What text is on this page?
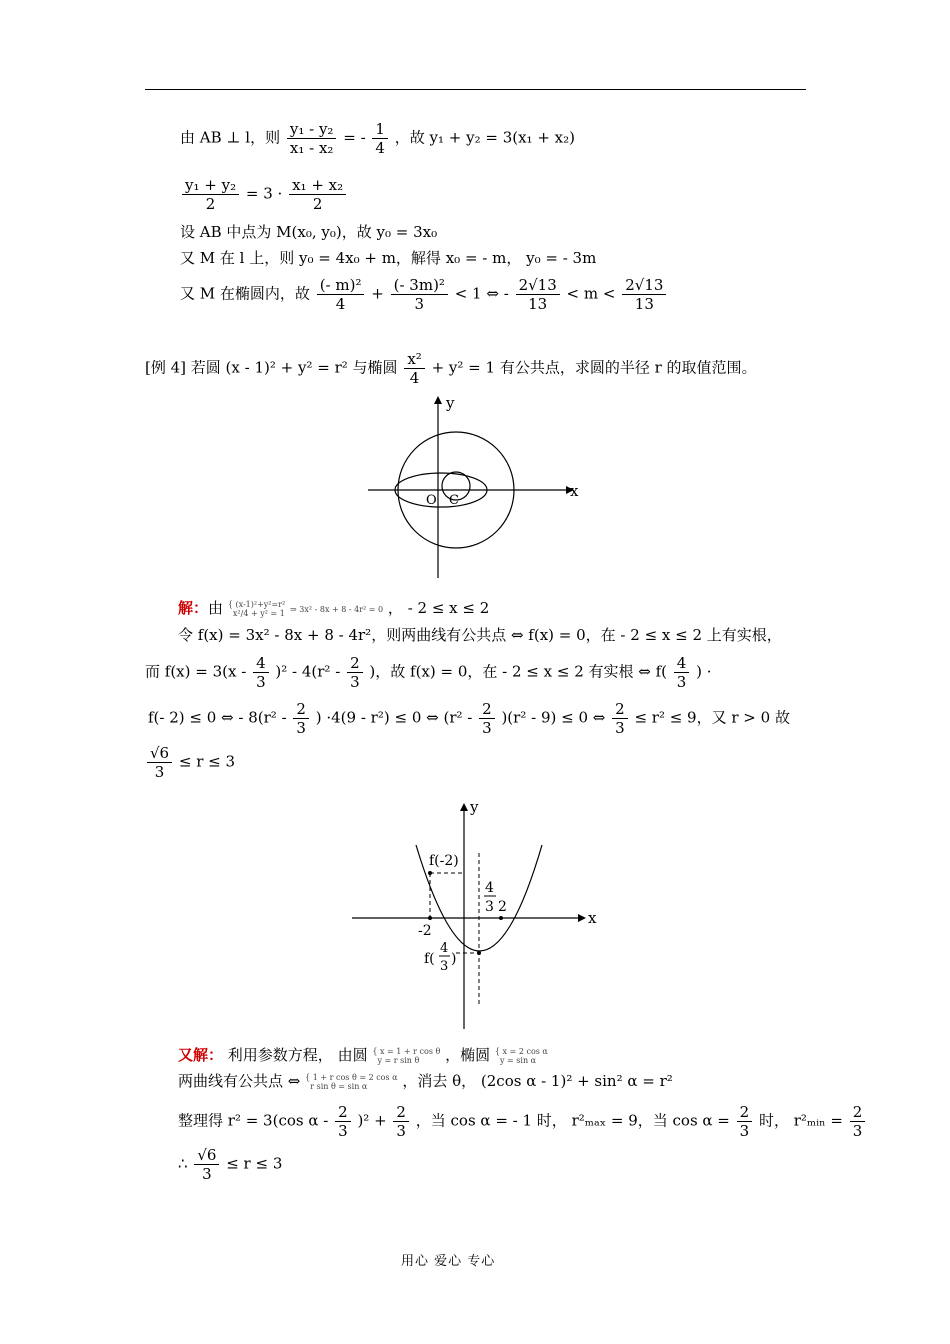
由 AB ⊥ l，则 $\frac{\text{y₁ - y₂}}{\text{x₁ - x₂}}$ = - $\frac{1}{4}$ ，故 y₁ + y₂ = 3(x₁ + x₂)
$\frac{\text{y₁ + y₂}}{2} = 3 \cdot \frac{\text{x₁ + x₂}}{2}$
设 AB 中点为 M(x₀, y₀)，故 y₀ = 3x₀
又 M 在 l 上，则 y₀ = 4x₀ + m，解得 x₀ = - m， y₀ = - 3m
又 M 在椭圆内，故 $\frac{\text{(- m)²}}{4} + \frac{\text{(- 3m)²}}{3} < 1$ ⇔ - $\frac{2√13}{13} < m < \frac{2√13}{13}$
[例 4] 若圆 (x - 1)² + y² = r² 与椭圆 $\frac{\text{x²}}{4} + y^2 = 1$ 有公共点，求圆的半径 r 的取值范围。
x
y
O C
解：由 { (x-1)²+y²=r²
x²/4 + y² = 1 ⇒ 3x² - 8x + 8 - 4r² = 0 ， - 2 ≤ x ≤ 2
令 f(x) = 3x² - 8x + 8 - 4r²，则两曲线有公共点 ⇔ f(x) = 0，在 - 2 ≤ x ≤ 2 上有实根，
而 $f(x) = 3(x - \frac{4}{3} )^2 - 4(r^2 - \frac{2}{3}$ )，故 f(x) = 0，在 - 2 ≤ x ≤ 2 有实根 ⇔ $f( \frac{4}{3}$ ) ·
f(- 2) ≤ 0 ⇔ - $8(r^2 - \frac{2}{3}$ ) ·4(9 - r²) ≤ 0 ⇔ $(r^2 - \frac{2}{3} )(r^2 - 9) \le 0$ ⇔ $\frac{2}{3} \le r^2 \le 9$，又 r > 0 故
$\frac{√6}{3} \le r \le 3$
x
y
f(-2)
4
3 2
-2
f(
4
3 )
又解： 利用参数方程， 由圆 { x = 1 + r cos θ
y = r sin θ ，椭圆 { x = 2 cos α
y = sin α
两曲线有公共点 ⇔ { 1 + r cos θ = 2 cos α
r sin θ = sin α ，消去 θ， (2cos α - 1)² + sin² α = r²
整理得 r² = 3(cos $\alpha - \frac{2}{3} )^2 + \frac{2}{3}$ ，当 cos α = - 1 时， r²ₘₐₓ = 9，当 $\cos \alpha = \frac{2}{3}$ 时， r²ₘᵢₙ = $\frac{2}{3}$
∴ $\frac{√6}{3} \le r \le 3$
用心 爱心 专心
